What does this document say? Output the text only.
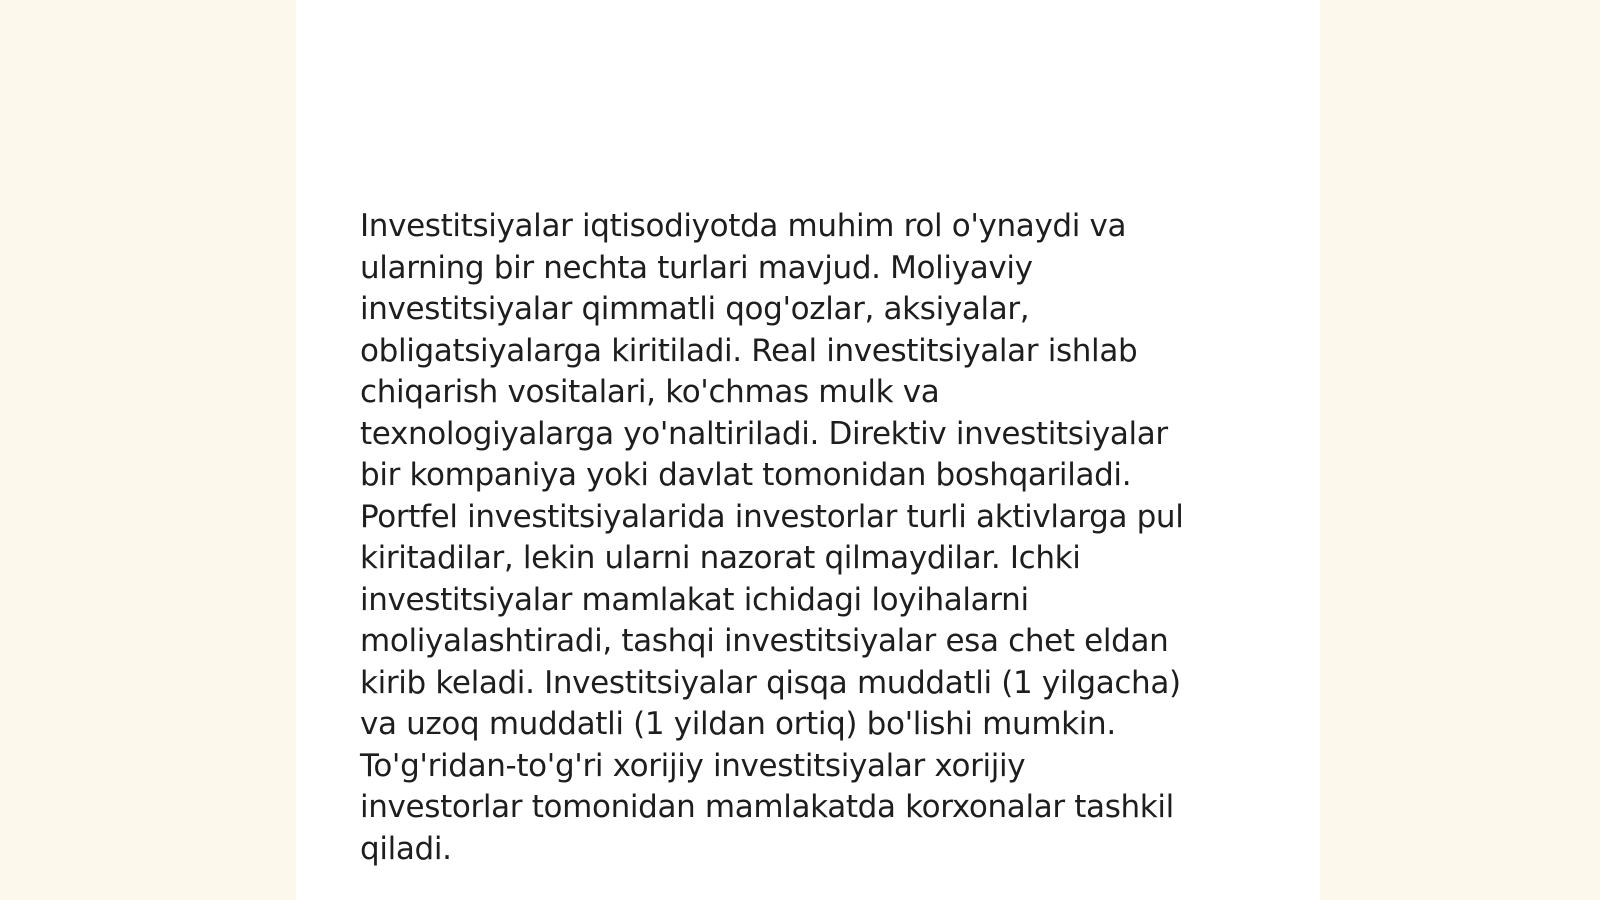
Investitsiyalar iqtisodiyotda muhim rol o'ynaydi va
ularning bir nechta turlari mavjud. Moliyaviy
investitsiyalar qimmatli qog'ozlar, aksiyalar,
obligatsiyalarga kiritiladi. Real investitsiyalar ishlab
chiqarish vositalari, ko'chmas mulk va
texnologiyalarga yo'naltiriladi. Direktiv investitsiyalar
bir kompaniya yoki davlat tomonidan boshqariladi.
Portfel investitsiyalarida investorlar turli aktivlarga pul
kiritadilar, lekin ularni nazorat qilmaydilar. Ichki
investitsiyalar mamlakat ichidagi loyihalarni
moliyalashtiradi, tashqi investitsiyalar esa chet eldan
kirib keladi. Investitsiyalar qisqa muddatli (1 yilgacha)
va uzoq muddatli (1 yildan ortiq) bo'lishi mumkin.
To'g'ridan-to'g'ri xorijiy investitsiyalar xorijiy
investorlar tomonidan mamlakatda korxonalar tashkil
qiladi.
